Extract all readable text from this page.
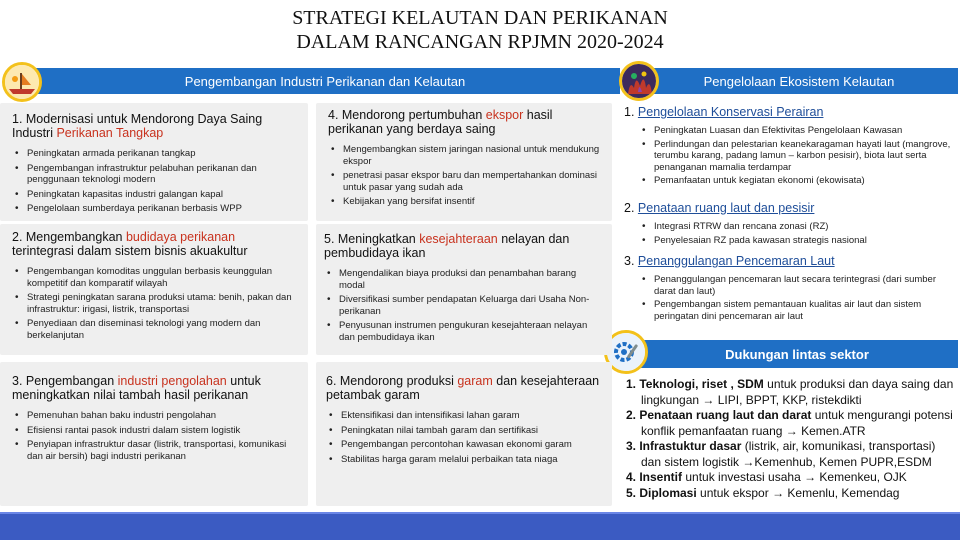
STRATEGI KELAUTAN DAN PERIKANAN
DALAM RANCANGAN RPJMN 2020-2024
Pengembangan Industri Perikanan dan Kelautan	Pengelolaan Ekosistem Kelautan
Dukungan lintas sektor
1. Modernisasi untuk Mendorong Daya Saing Industri Perikanan Tangkap
• Peningkatan armada perikanan tangkap
• Pengembangan infrastruktur pelabuhan perikanan dan penggunaan teknologi modern
• Peningkatan kapasitas industri galangan kapal
• Pengelolaan sumberdaya perikanan berbasis WPP
2. Mengembangkan budidaya perikanan terintegrasi dalam sistem bisnis akuakultur
• Pengembangan komoditas unggulan berbasis keunggulan kompetitif dan komparatif wilayah
• Strategi peningkatan sarana produksi utama: benih, pakan dan infrastruktur: irigasi, listrik, transportasi
• Penyediaan dan diseminasi teknologi yang modern dan berkelanjutan
3. Pengembangan industri pengolahan untuk meningkatkan nilai tambah hasil perikanan
• Pemenuhan bahan baku industri pengolahan
• Efisiensi rantai pasok industri dalam sistem logistik
• Penyiapan infrastruktur dasar (listrik, transportasi, komunikasi dan air bersih) bagi industri perikanan
4. Mendorong pertumbuhan ekspor hasil perikanan yang berdaya saing
• Mengembangkan sistem jaringan nasional untuk mendukung ekspor
• penetrasi pasar ekspor baru dan mempertahankan dominasi untuk pasar yang sudah ada
• Kebijakan yang bersifat insentif
5. Meningkatkan kesejahteraan nelayan dan pembudidaya ikan
• Mengendalikan biaya produksi dan penambahan barang modal
• Diversifikasi sumber pendapatan Keluarga dari Usaha Non-perikanan
• Penyusunan instrumen pengukuran kesejahteraan nelayan dan pembudidaya ikan
6. Mendorong produksi garam dan kesejahteraan petambak garam
• Ektensifikasi dan intensifikasi lahan garam
• Peningkatan nilai tambah garam dan sertifikasi
• Pengembangan percontohan kawasan ekonomi garam
• Stabilitas harga garam melalui perbaikan tata niaga
1. Pengelolaan Konservasi Perairan
• Peningkatan Luasan dan Efektivitas Pengelolaan Kawasan
• Perlindungan dan pelestarian keanekaragaman hayati laut (mangrove, terumbu karang, padang lamun – karbon pesisir), biota laut serta penanganan mamalia terdampar
• Pemanfaatan untuk kegiatan ekonomi (ekowisata)
2. Penataan ruang laut dan pesisir
• Integrasi RTRW dan rencana zonasi (RZ)
• Penyelesaian RZ pada kawasan strategis nasional
3. Penanggulangan Pencemaran Laut
• Penanggulangan pencemaran laut secara terintegrasi (dari sumber darat dan laut)
• Pengembangan sistem pemantauan kualitas air laut dan sistem peringatan dini pencemaran air laut
1. Teknologi, riset , SDM untuk produksi dan daya saing dan lingkungan → LIPI, BPPT, KKP, ristekdikti
2. Penataan ruang laut dan darat untuk mengurangi potensi konflik pemanfaatan ruang → Kemen.ATR
3. Infrastuktur dasar (listrik, air, komunikasi, transportasi) dan sistem logistik →Kemenhub, Kemen PUPR,ESDM
4. Insentif untuk investasi usaha → Kemenkeu, OJK
5. Diplomasi untuk ekspor → Kemenlu, Kemendag
